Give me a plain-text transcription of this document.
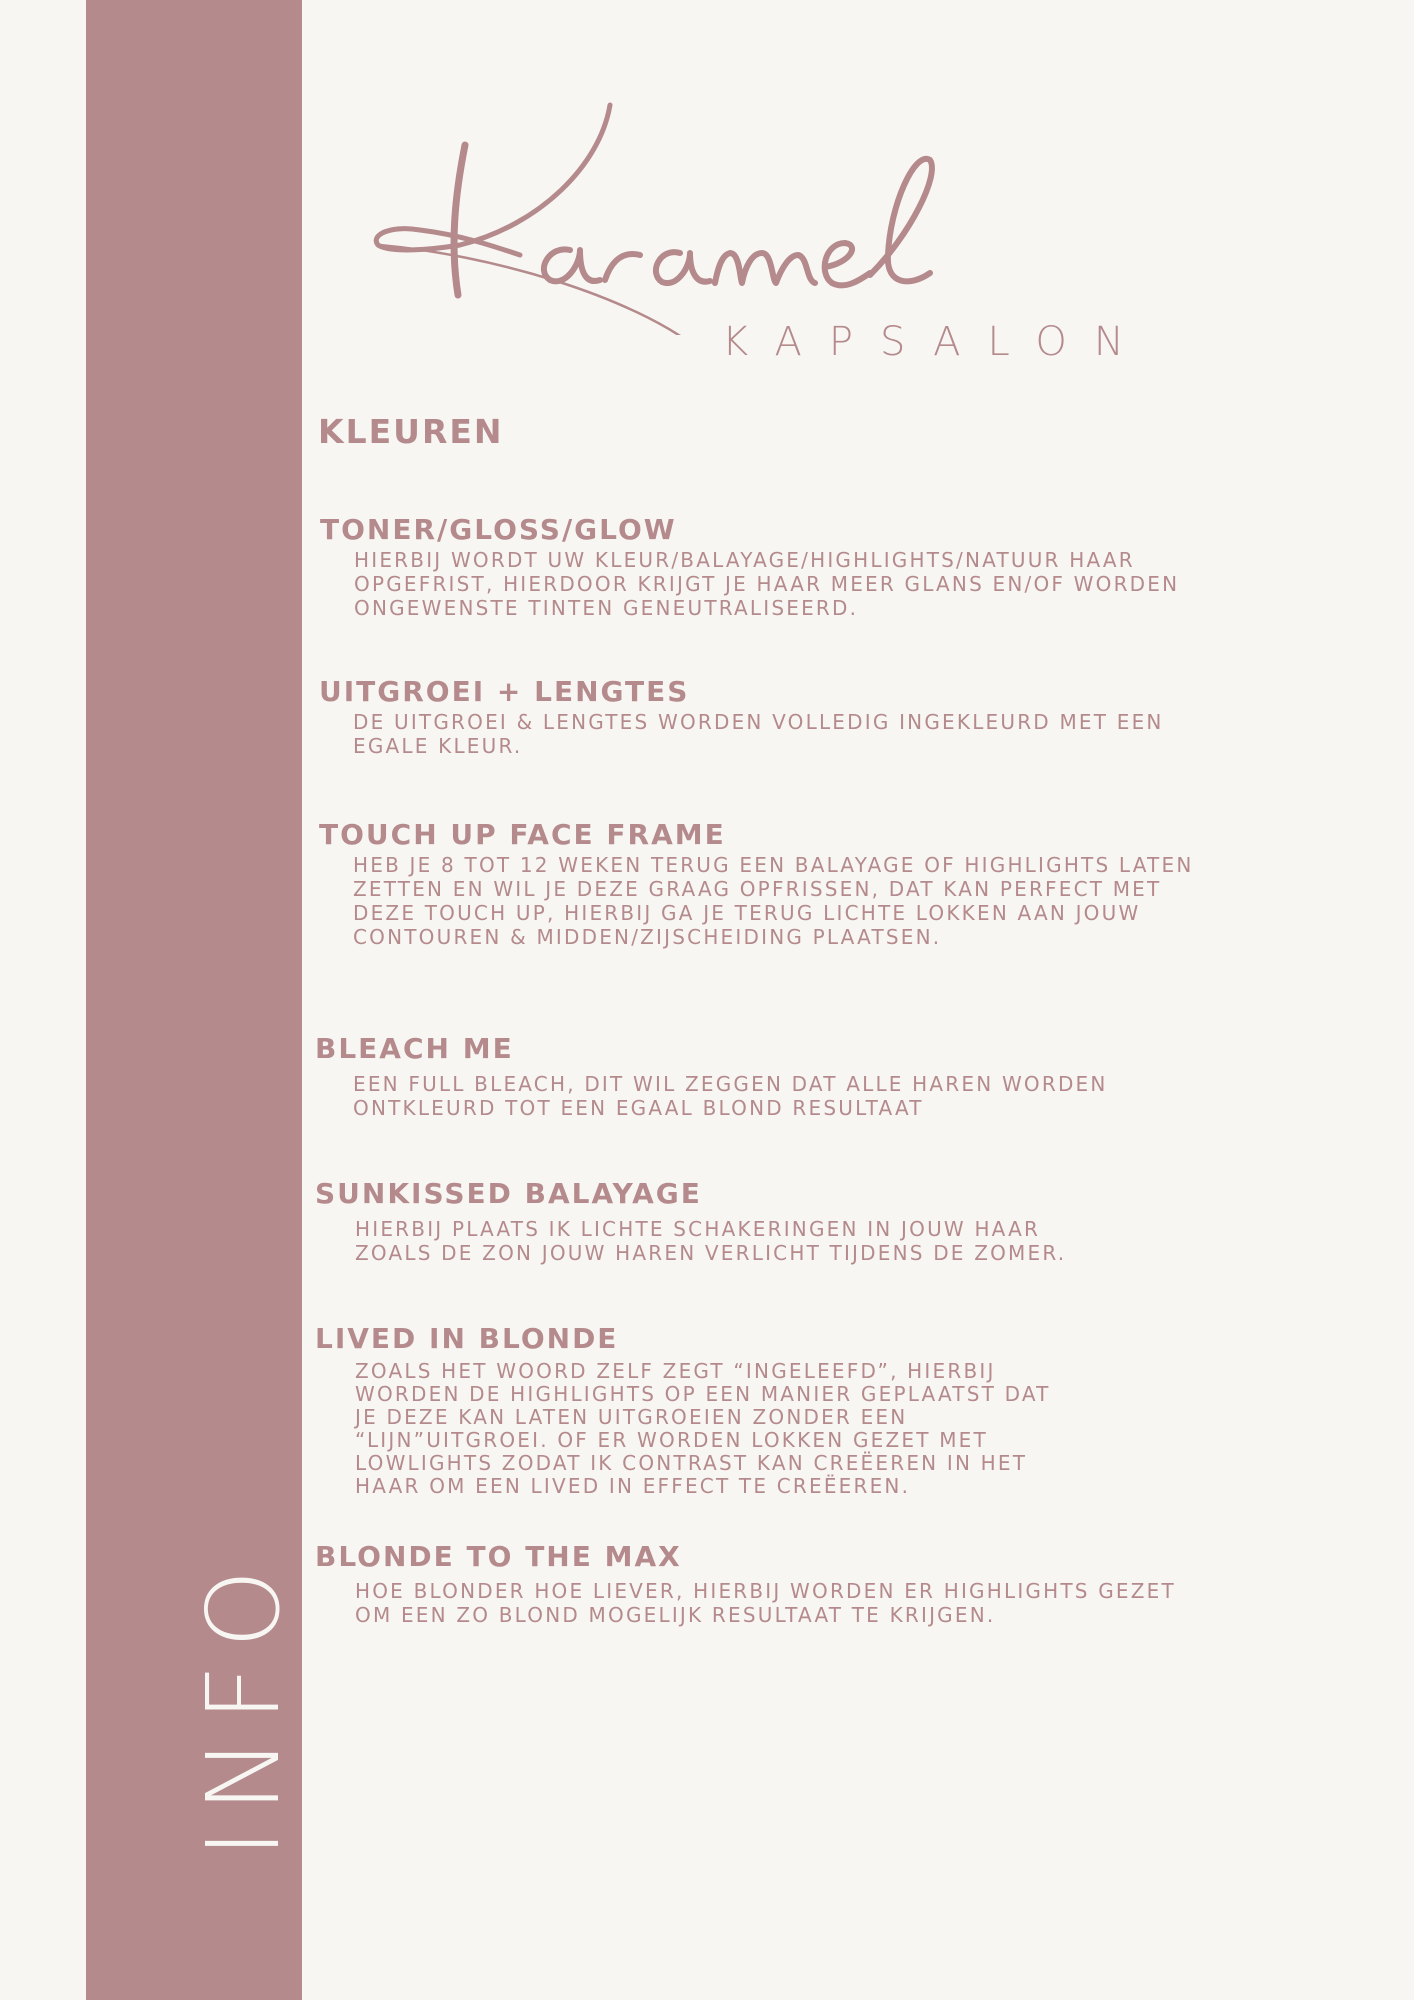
INFO
KAPSALON
KLEUREN
TONER/GLOSS/GLOW

HIERBIJ WORDT UW KLEUR/BALAYAGE/HIGHLIGHTS/NATUUR HAAR
OPGEFRIST, HIERDOOR KRIJGT JE HAAR MEER GLANS EN/OF WORDEN
ONGEWENSTE TINTEN GENEUTRALISEERD.

UITGROEI + LENGTES

DE UITGROEI & LENGTES WORDEN VOLLEDIG INGEKLEURD MET EEN
EGALE KLEUR.

TOUCH UP FACE FRAME

HEB JE 8 TOT 12 WEKEN TERUG EEN BALAYAGE OF HIGHLIGHTS LATEN
ZETTEN EN WIL JE DEZE GRAAG OPFRISSEN, DAT KAN PERFECT MET
DEZE TOUCH UP, HIERBIJ GA JE TERUG LICHTE LOKKEN AAN JOUW
CONTOUREN & MIDDEN/ZIJSCHEIDING PLAATSEN.

BLEACH ME

EEN FULL BLEACH, DIT WIL ZEGGEN DAT ALLE HAREN WORDEN
ONTKLEURD TOT EEN EGAAL BLOND RESULTAAT

SUNKISSED BALAYAGE

HIERBIJ PLAATS IK LICHTE SCHAKERINGEN IN JOUW HAAR
ZOALS DE ZON JOUW HAREN VERLICHT TIJDENS DE ZOMER.

LIVED IN BLONDE

ZOALS HET WOORD ZELF ZEGT “INGELEEFD”, HIERBIJ
WORDEN DE HIGHLIGHTS OP EEN MANIER GEPLAATST DAT
JE DEZE KAN LATEN UITGROEIEN ZONDER EEN
“LIJN”UITGROEI. OF ER WORDEN LOKKEN GEZET MET
LOWLIGHTS ZODAT IK CONTRAST KAN CREËEREN IN HET
HAAR OM EEN LIVED IN EFFECT TE CREËEREN.

BLONDE TO THE MAX

HOE BLONDER HOE LIEVER, HIERBIJ WORDEN ER HIGHLIGHTS GEZET
OM EEN ZO BLOND MOGELIJK RESULTAAT TE KRIJGEN.
